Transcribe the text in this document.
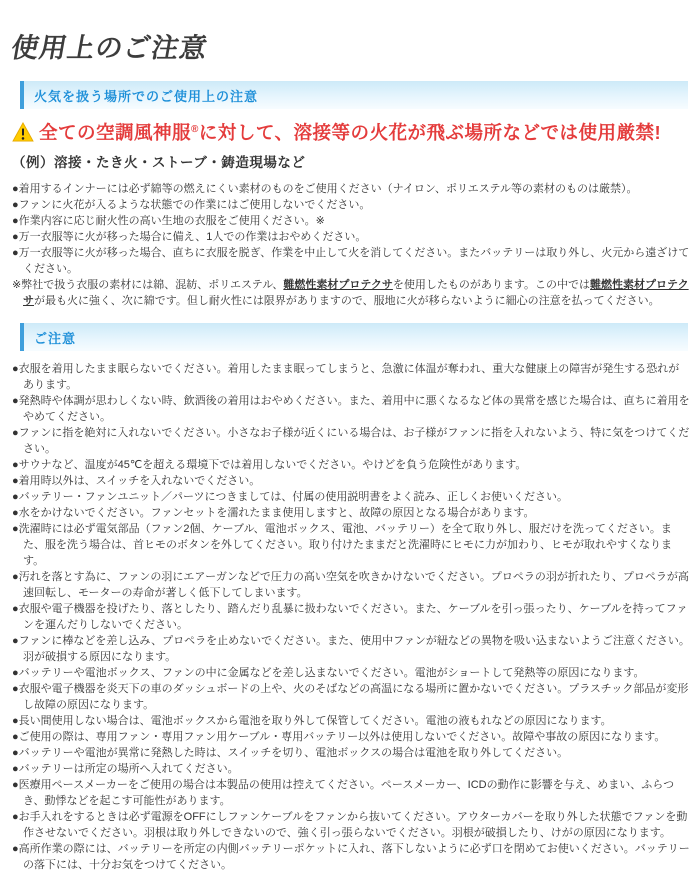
使用上のご注意
火気を扱う場所でのご使用上の注意
全ての空調風神服®に対して、溶接等の火花が飛ぶ場所などでは使用厳禁!
（例）溶接・たき火・ストーブ・鋳造現場など
●着用するインナーには必ず綿等の燃えにくい素材のものをご使用ください（ナイロン、ポリエステル等の素材のものは厳禁）。
●ファンに火花が入るような状態での作業にはご使用しないでください。
●作業内容に応じ耐火性の高い生地の衣服をご使用ください。※
●万一衣服等に火が移った場合に備え、1人での作業はおやめください。
●万一衣服等に火が移った場合、直ちに衣服を脱ぎ、作業を中止して火を消してください。またバッテリーは取り外し、火元から遠ざけてください。

※弊社で扱う衣服の素材には綿、混紡、ポリエステル、難燃性素材プロテクサを使用したものがあります。この中では難燃性素材プロテクサが最も火に強く、次に綿です。但し耐火性には限界がありますので、服地に火が移らないように細心の注意を払ってください。

ご注意
●衣服を着用したまま眠らないでください。着用したまま眠ってしまうと、急激に体温が奪われ、重大な健康上の障害が発生する恐れがあります。
●発熱時や体調が思わしくない時、飲酒後の着用はおやめください。また、着用中に悪くなるなど体の異常を感じた場合は、直ちに着用をやめてください。
●ファンに指を絶対に入れないでください。小さなお子様が近くにいる場合は、お子様がファンに指を入れないよう、特に気をつけてください。
●サウナなど、温度が45℃を超える環境下では着用しないでください。やけどを負う危険性があります。
●着用時以外は、スイッチを入れないでください。
●バッテリー・ファンユニット／パーツにつきましては、付属の使用説明書をよく読み、正しくお使いください。
●水をかけないでください。ファンセットを濡れたまま使用しますと、故障の原因となる場合があります。
●洗濯時には必ず電気部品（ファン2個、ケーブル、電池ボックス、電池、バッテリー）を全て取り外し、服だけを洗ってください。また、服を洗う場合は、首ヒモのボタンを外してください。取り付けたままだと洗濯時にヒモに力が加わり、ヒモが取れやすくなります。
●汚れを落とす為に、ファンの羽にエアーガンなどで圧力の高い空気を吹きかけないでください。プロペラの羽が折れたり、プロペラが高速回転し、モーターの寿命が著しく低下してしまいます。
●衣服や電子機器を投げたり、落としたり、踏んだり乱暴に扱わないでください。また、ケーブルを引っ張ったり、ケーブルを持ってファンを運んだりしないでください。
●ファンに棒などを差し込み、プロペラを止めないでください。また、使用中ファンが紐などの異物を吸い込まないようご注意ください。羽が破損する原因になります。
●バッテリーや電池ボックス、ファンの中に金属などを差し込まないでください。電池がショートして発熱等の原因になります。
●衣服や電子機器を炎天下の車のダッシュボードの上や、火のそばなどの高温になる場所に置かないでください。プラスチック部品が変形し故障の原因になります。
●長い間使用しない場合は、電池ボックスから電池を取り外して保管してください。電池の液もれなどの原因になります。
●ご使用の際は、専用ファン・専用ファン用ケーブル・専用バッテリー以外は使用しないでください。故障や事故の原因になります。
●バッテリーや電池が異常に発熱した時は、スイッチを切り、電池ボックスの場合は電池を取り外してください。
●バッテリーは所定の場所へ入れてください。
●医療用ペースメーカーをご使用の場合は本製品の使用は控えてください。ペースメーカー、ICDの動作に影響を与え、めまい、ふらつき、動悸などを起こす可能性があります。
●お手入れをするときは必ず電源をOFFにしファンケーブルをファンから抜いてください。アウターカバーを取り外した状態でファンを動作させないでください。羽根は取り外しできないので、強く引っ張らないでください。羽根が破損したり、けがの原因になります。
●高所作業の際には、バッテリーを所定の内側バッテリーポケットに入れ、落下しないように必ず口を閉めてお使いください。バッテリーの落下には、十分お気をつけてください。
